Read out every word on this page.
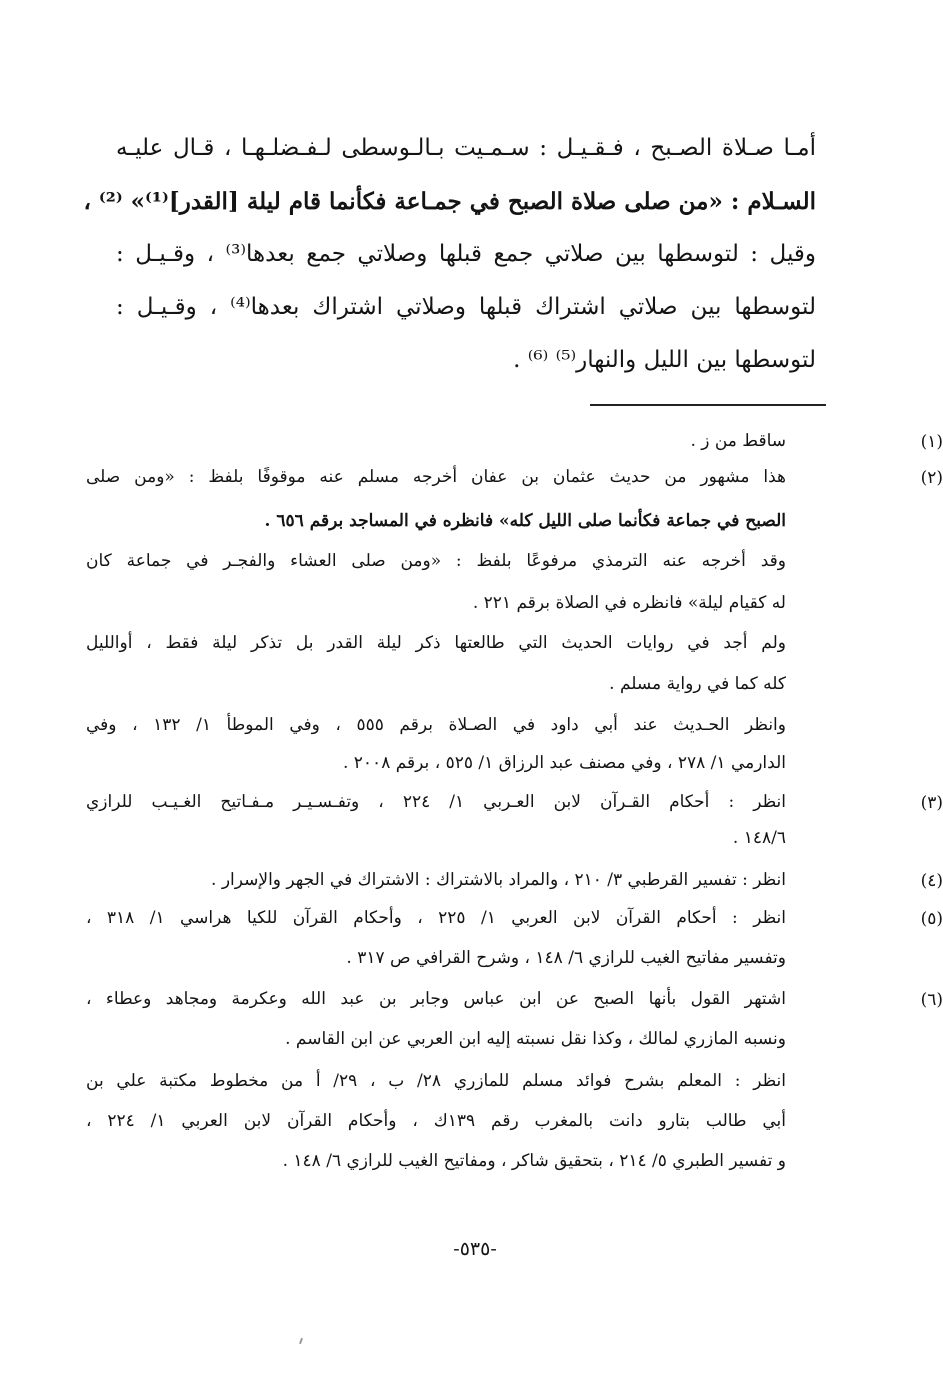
أمـا صـلاة الصـبح ، فـقـيـل : سـمـيت بـالـوسطى لـفـضلـهـا ، قـال عليـه
السـلام : «من صلى صلاة الصبح في جمـاعة فكأنما قام ليلة [القدر]⁽¹⁾» ⁽²⁾ ،
وقيل : لتوسطها بين صلاتي جمع قبلها وصلاتي جمع بعدها⁽³⁾ ، وقـيـل :
لتوسطها بين صلاتي اشتراك قبلها وصلاتي اشتراك بعدها⁽⁴⁾ ، وقـيـل :
لتوسطها بين الليل والنهار⁽⁵⁾ ⁽⁶⁾ .
(١)
ساقط من ز .
(٢)
هذا مشهور من حديث عثمان بن عفان أخرجه مسلم عنه موقوفًا بلفظ : «ومن صلى
الصبح في جماعة فكأنما صلى الليل كله» فانظره في المساجد برقم ٦٥٦ .
وقد أخرجه عنه الترمذي مرفوعًا بلفظ : «ومن صلى العشاء والفجـر في جماعة كان
له كقيام ليلة» فانظره في الصلاة برقم ٢٢١ .
ولم أجد في روايات الحديث التي طالعتها ذكر ليلة القدر بل تذكر ليلة فقط ، أوالليل
كله كما في رواية مسلم .
وانظر الحـديث عند أبي داود في الصـلاة برقم ٥٥٥ ، وفي الموطأ ١/ ١٣٢ ، وفي
الدارمي ١/ ٢٧٨ ، وفي مصنف عبد الرزاق ١/ ٥٢٥ ، برقم ٢٠٠٨ .
(٣)
انظر : أحكام القـرآن لابن العـربي ١/ ٢٢٤ ، وتفـسـيـر مـفـاتيح الغـيـب للرازي
١٤٨/٦ .
(٤)
انظر : تفسير القرطبي ٣/ ٢١٠ ، والمراد بالاشتراك : الاشتراك في الجهر والإسرار .
(٥)
انظر : أحكام القرآن لابن العربي ١/ ٢٢٥ ، وأحكام القرآن للكيا هراسي ١/ ٣١٨ ،
وتفسير مفاتيح الغيب للرازي ٦/ ١٤٨ ، وشرح القرافي ص ٣١٧ .
(٦)
اشتهر القول بأنها الصبح عن ابن عباس وجابر بن عبد الله وعكرمة ومجاهد وعطاء ،
ونسبه المازري لمالك ، وكذا نقل نسبته إليه ابن العربي عن ابن القاسم .
انظر : المعلم بشرح فوائد مسلم للمازري ٢٨/ ب ، ٢٩/ أ من مخطوط مكتبة علي بن
أبي طالب بتارو دانت بالمغرب رقم ١٣٩ك ، وأحكام القرآن لابن العربي ١/ ٢٢٤ ،
و تفسير الطبري ٥/ ٢١٤ ، بتحقيق شاكر ، ومفاتيح الغيب للرازي ٦/ ١٤٨ .
-٥٣٥-
